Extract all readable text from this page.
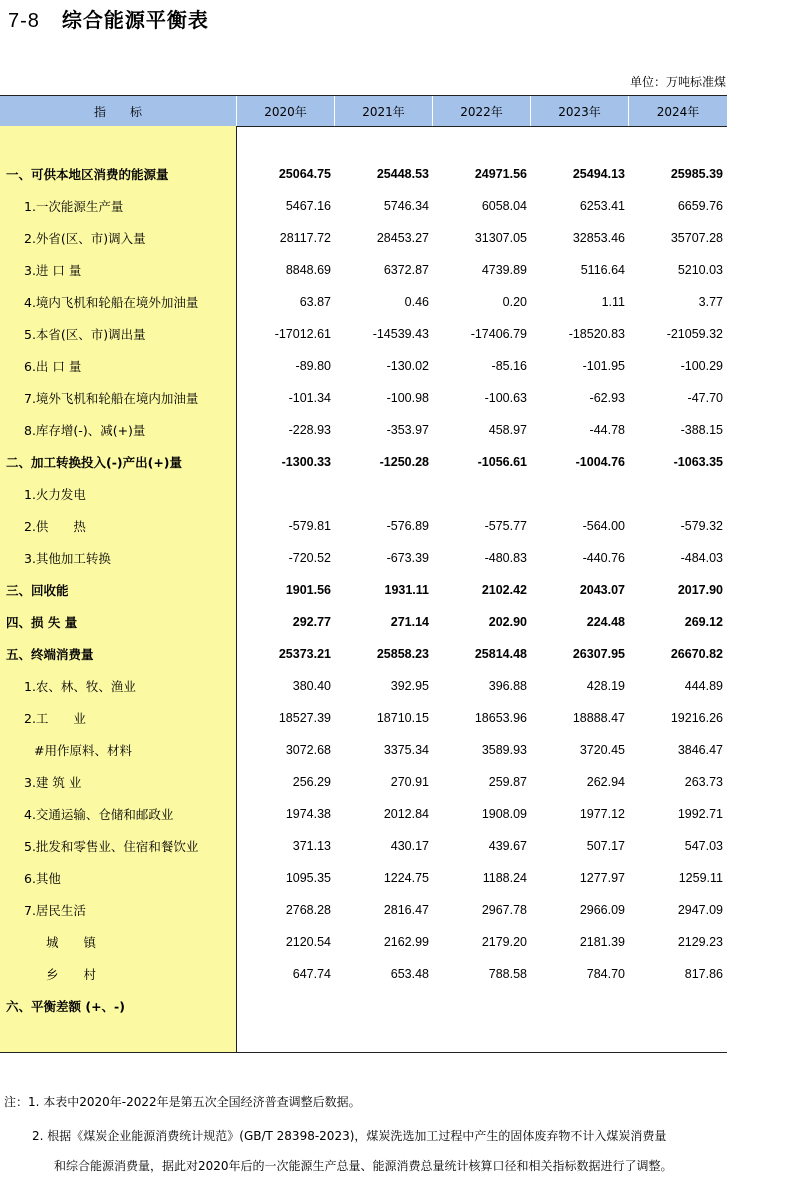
7-8 综合能源平衡表
单位：万吨标准煤
指　　标	2020年	2021年	2022年	2023年	2024年
一、可供本地区消费的能源量	25064.75	25448.53	24971.56	25494.13	25985.39
1.一次能源生产量	5467.16	5746.34	6058.04	6253.41	6659.76
2.外省(区、市)调入量	28117.72	28453.27	31307.05	32853.46	35707.28
3.进 口 量	8848.69	6372.87	4739.89	5116.64	5210.03
4.境内飞机和轮船在境外加油量	63.87	0.46	0.20	1.11	3.77
5.本省(区、市)调出量	-17012.61	-14539.43	-17406.79	-18520.83	-21059.32
6.出 口 量	-89.80	-130.02	-85.16	-101.95	-100.29
7.境外飞机和轮船在境内加油量	-101.34	-100.98	-100.63	-62.93	-47.70
8.库存增(-)、减(+)量	-228.93	-353.97	458.97	-44.78	-388.15
二、加工转换投入(-)产出(+)量	-1300.33	-1250.28	-1056.61	-1004.76	-1063.35
1.火力发电
2.供　　热	-579.81	-576.89	-575.77	-564.00	-579.32
3.其他加工转换	-720.52	-673.39	-480.83	-440.76	-484.03
三、回收能	1901.56	1931.11	2102.42	2043.07	2017.90
四、损 失 量	292.77	271.14	202.90	224.48	269.12
五、终端消费量	25373.21	25858.23	25814.48	26307.95	26670.82
1.农、林、牧、渔业	380.40	392.95	396.88	428.19	444.89
2.工　　业	18527.39	18710.15	18653.96	18888.47	19216.26
#用作原料、材料	3072.68	3375.34	3589.93	3720.45	3846.47
3.建 筑 业	256.29	270.91	259.87	262.94	263.73
4.交通运输、仓储和邮政业	1974.38	2012.84	1908.09	1977.12	1992.71
5.批发和零售业、住宿和餐饮业	371.13	430.17	439.67	507.17	547.03
6.其他	1095.35	1224.75	1188.24	1277.97	1259.11
7.居民生活	2768.28	2816.47	2967.78	2966.09	2947.09
城　　镇	2120.54	2162.99	2179.20	2181.39	2129.23
乡　　村	647.74	653.48	788.58	784.70	817.86
六、平衡差额 (+、-)
注：1. 本表中2020年-2022年是第五次全国经济普查调整后数据。
2. 根据《煤炭企业能源消费统计规范》(GB/T 28398-2023)，煤炭洗选加工过程中产生的固体废弃物不计入煤炭消费量
和综合能源消费量，据此对2020年后的一次能源生产总量、能源消费总量统计核算口径和相关指标数据进行了调整。
